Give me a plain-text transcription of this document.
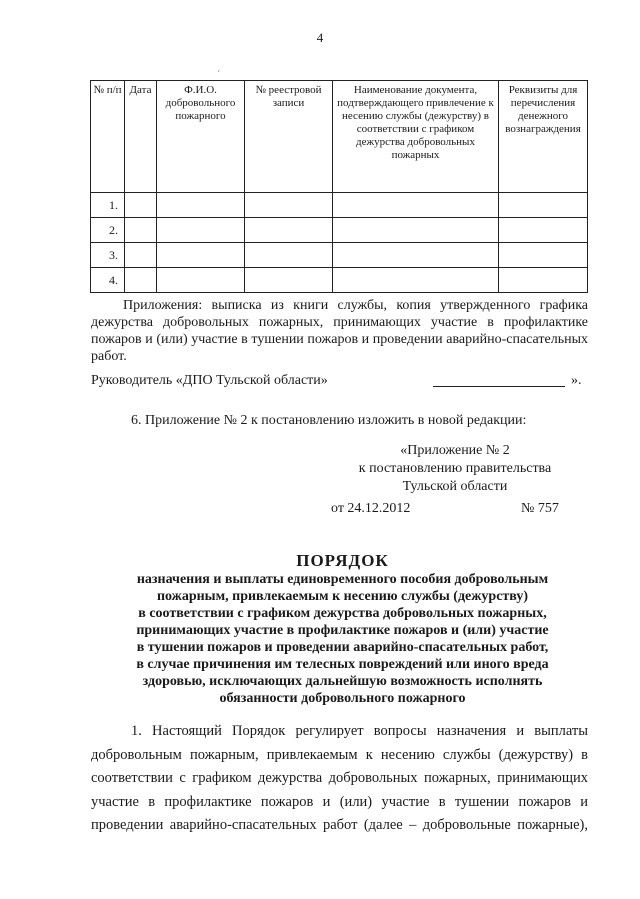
4
´
№ п/п	Дата	Ф.И.О. добровольного пожарного	№ реестровой записи	Наименование документа, подтверждающего привлечение к несению службы (дежурству) в соответствии с графиком дежурства добровольных пожарных	Реквизиты для перечисления денежного вознаграждения
1.					
2.					
3.					
4.					
Приложения: выписка из книги службы, копия утвержденного графика
дежурства добровольных пожарных, принимающих участие в профилактике
пожаров и (или) участие в тушении пожаров и проведении аварийно-спасательных
работ.
Руководитель «ДПО Тульской области»	».
6. Приложение № 2 к постановлению изложить в новой редакции:
«Приложение № 2
к постановлению правительства
Тульской области
от 24.12.2012	№ 757
ПОРЯДОК
назначения и выплаты единовременного пособия добровольным
пожарным, привлекаемым к несению службы (дежурству)
в соответствии с графиком дежурства добровольных пожарных,
принимающих участие в профилактике пожаров и (или) участие
в тушении пожаров и проведении аварийно-спасательных работ,
в случае причинения им телесных повреждений или иного вреда
здоровью, исключающих дальнейшую возможность исполнять
обязанности добровольного пожарного
1. Настоящий Порядок регулирует вопросы назначения и выплаты
добровольным пожарным, привлекаемым к несению службы (дежурству) в
соответствии с графиком дежурства добровольных пожарных, принимающих
участие в профилактике пожаров и (или) участие в тушении пожаров и
проведении аварийно-спасательных работ (далее – добровольные пожарные),
